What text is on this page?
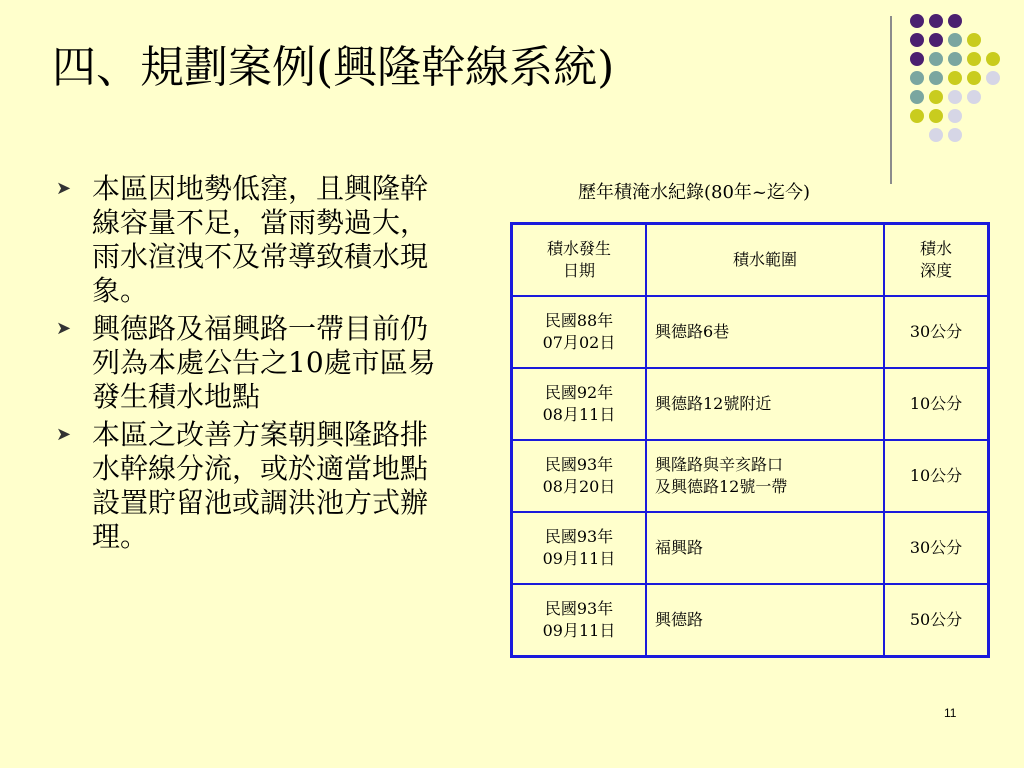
四、規劃案例(興隆幹線系統)
➤ 本區因地勢低窪，且興隆幹線容量不足，當雨勢過大，雨水渲洩不及常導致積水現象。
➤ 興德路及福興路一帶目前仍列為本處公告之10處市區易發生積水地點
➤ 本區之改善方案朝興隆路排水幹線分流，或於適當地點設置貯留池或調洪池方式辦理。
歷年積淹水紀錄(80年~迄今)
積水發生
日期	積水範圍	積水
深度

民國88年
07月02日	興德路6巷	30公分

民國92年
08月11日	興德路12號附近	10公分

民國93年
08月20日	興隆路與辛亥路口
及興德路12號一帶	10公分

民國93年
09月11日	福興路	30公分

民國93年
09月11日	興德路	50公分
11
